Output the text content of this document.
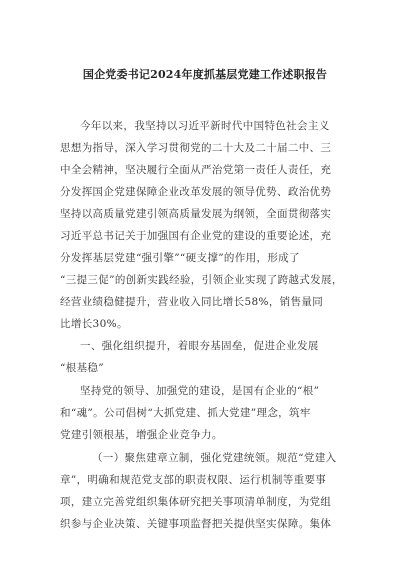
国企党委书记2024年度抓基层党建工作述职报告
今年以来，我坚持以习近平新时代中国特色社会主义
思想为指导，深入学习贯彻党的二十大及二十届二中、三
中全会精神，坚决履行全面从严治党第一责任人责任，充
分发挥国企党建保障企业改革发展的领导优势、政治优势
坚持以高质量党建引领高质量发展为纲领，全面贯彻落实
习近平总书记关于加强国有企业党的建设的重要论述，充
分发挥基层党建“强引擎”“硬支撑”的作用，形成了
“三提三促”的创新实践经验，引领企业实现了跨越式发展，
经营业绩稳健提升，营业收入同比增长58%，销售量同
比增长30%。
一、强化组织提升，着眼夯基固垒，促进企业发展
“根基稳”
坚持党的领导、加强党的建设，是国有企业的“根”
和“魂”。公司倡树“大抓党建、抓大党建”理念，筑牢
党建引领根基，增强企业竞争力。
（一）聚焦建章立制，强化党建统领。规范“党建入
章”，明确和规范党支部的职责权限、运行机制等重要事
项，建立完善党组织集体研究把关事项清单制度，为党组
织参与企业决策、关键事项监督把关提供坚实保障。集体
